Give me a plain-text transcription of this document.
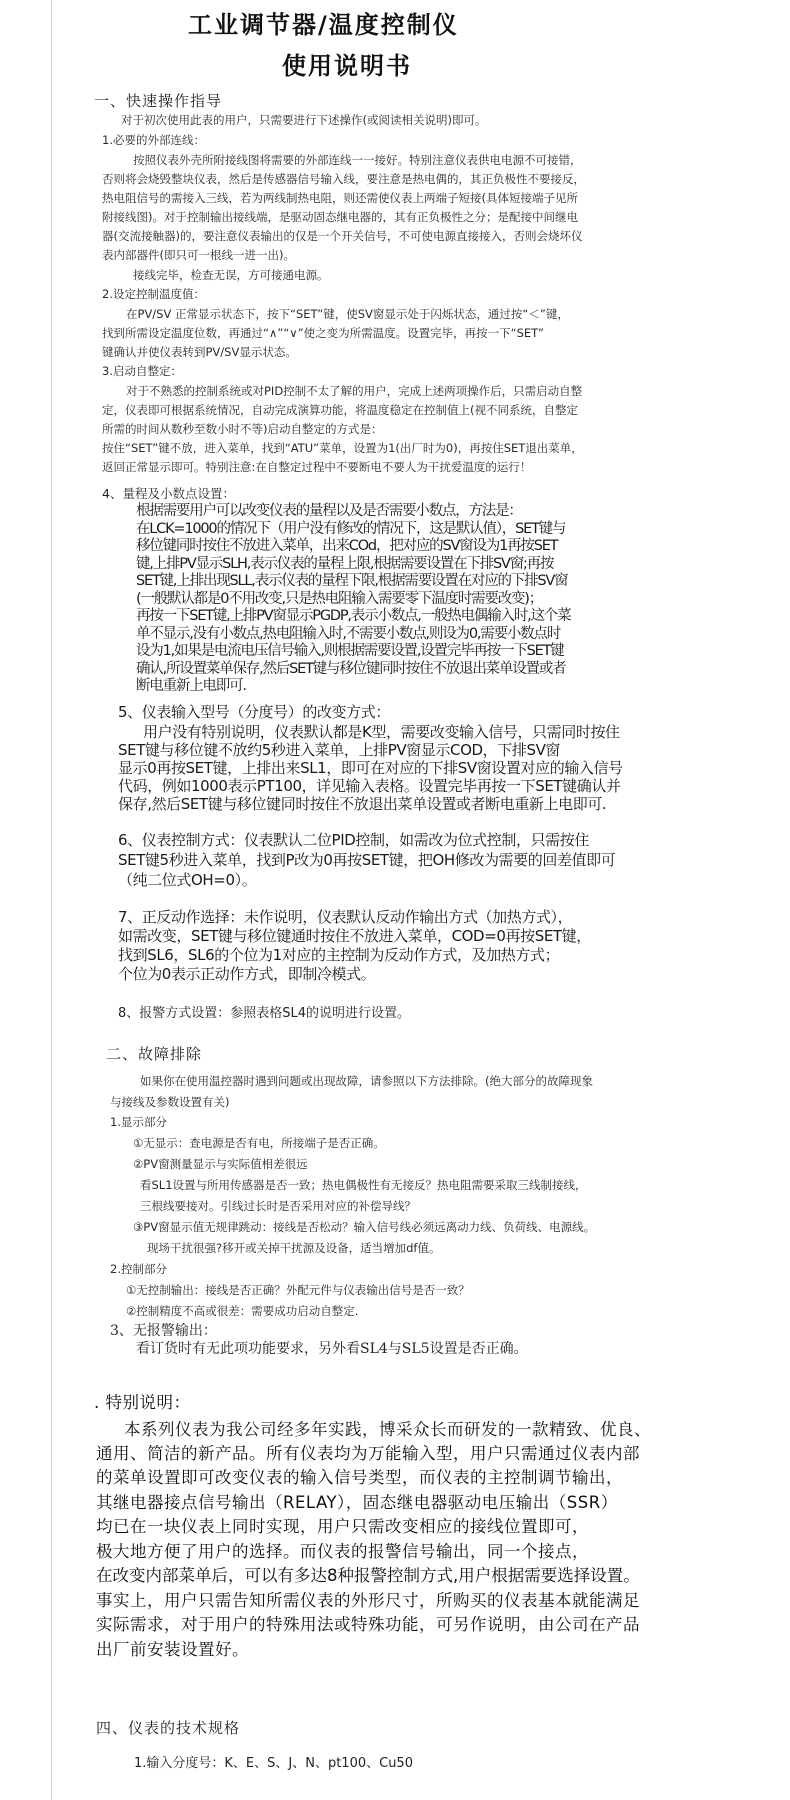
工业调节器/温度控制仪
使用说明书
一、快速操作指导
对于初次使用此表的用户，只需要进行下述操作(或阅读相关说明)即可。
1.必要的外部连线：
按照仪表外壳所附接线图将需要的外部连线一一接好。特别注意仪表供电电源不可接错，
否则将会烧毁整块仪表，然后是传感器信号输入线，要注意是热电偶的，其正负极性不要接反，
热电阻信号的需接入三线，若为两线制热电阻，则还需使仪表上两端子短接(具体短接端子见所
附接线图)。对于控制输出接线端，是驱动固态继电器的，其有正负极性之分；是配接中间继电
器(交流接触器)的，要注意仪表输出的仅是一个开关信号，不可使电源直接接入，否则会烧坏仪
表内部器件(即只可一根线一进一出)。
接线完毕，检查无误，方可接通电源。
2.设定控制温度值：
在PV/SV 正常显示状态下，按下“SET”键，使SV窗显示处于闪烁状态，通过按“＜”键，
找到所需设定温度位数，再通过“∧”“∨”使之变为所需温度。设置完毕，再按一下“SET”
键确认并使仪表转到PV/SV显示状态。
3.启动自整定：
对于不熟悉的控制系统或对PID控制不太了解的用户，完成上述两项操作后，只需启动自整
定，仪表即可根据系统情况，自动完成演算功能，将温度稳定在控制值上(视不同系统，自整定
所需的时间从数秒至数小时不等)启动自整定的方式是：
按住“SET”键不放，进入菜单，找到“ATU”菜单，设置为1(出厂时为0)，再按住SET退出菜单，
返回正常显示即可。特别注意:在自整定过程中不要断电不要人为干扰爱温度的运行！
4、量程及小数点设置：
根据需要用户可以改变仪表的量程以及是否需要小数点，方法是：
在LCK=1000的情况下（用户没有修改的情况下，这是默认值），SET键与
移位键同时按住不放进入菜单，出来COd，把对应的SV窗设为1再按SET
键,上排PV显示SLH,表示仪表的量程上限,根据需要设置在下排SV窗;再按
SET键,上排出现SLL,表示仪表的量程下限,根据需要设置在对应的下排SV窗
(一般默认都是0不用改变,只是热电阻输入需要零下温度时需要改变)；
再按一下SET键,上排PV窗显示PGDP,表示小数点,一般热电偶输入时,这个菜
单不显示,没有小数点,热电阻输入时,不需要小数点,则设为0,需要小数点时
设为1,如果是电流电压信号输入,则根据需要设置,设置完毕再按一下SET键
确认,所设置菜单保存,然后SET键与移位键同时按住不放退出菜单设置或者
断电重新上电即可.
5、仪表输入型号（分度号）的改变方式：
用户没有特别说明，仪表默认都是K型，需要改变输入信号，只需同时按住
SET键与移位键不放约5秒进入菜单，上排PV窗显示COD，下排SV窗
显示0再按SET键，上排出来SL1，即可在对应的下排SV窗设置对应的输入信号
代码，例如1000表示PT100，详见输入表格。设置完毕再按一下SET键确认并
保存,然后SET键与移位键同时按住不放退出菜单设置或者断电重新上电即可.
6、仪表控制方式：仪表默认二位PID控制，如需改为位式控制，只需按住
SET键5秒进入菜单，找到P改为0再按SET键，把OH修改为需要的回差值即可
（纯二位式OH=0）。
7、正反动作选择：未作说明，仪表默认反动作输出方式（加热方式），
如需改变，SET键与移位键通时按住不放进入菜单，COD=0再按SET键，
找到SL6，SL6的个位为1对应的主控制为反动作方式，及加热方式；
个位为0表示正动作方式，即制冷模式。
8、报警方式设置：参照表格SL4的说明进行设置。
二、故障排除
如果你在使用温控器时遇到问题或出现故障，请参照以下方法排除。(绝大部分的故障现象
与接线及参数设置有关)
1.显示部分
①无显示：查电源是否有电，所接端子是否正确。
②PV窗测量显示与实际值相差很远
看SL1设置与所用传感器是否一致；热电偶极性有无接反？热电阻需要采取三线制接线，
三根线要接对。引线过长时是否采用对应的补偿导线？
③PV窗显示值无规律跳动：接线是否松动？输入信号线必须远离动力线、负荷线、电源线。
现场干扰很强?移开或关掉干扰源及设备，适当增加df值。
2.控制部分
①无控制输出：接线是否正确？外配元件与仪表输出信号是否一致？
②控制精度不高或很差：需要成功启动自整定.
3、无报警输出：
看订货时有无此项功能要求，另外看SL4与SL5设置是否正确。
. 特别说明：
本系列仪表为我公司经多年实践，博采众长而研发的一款精致、优良、
通用、简洁的新产品。所有仪表均为万能输入型，用户只需通过仪表内部
的菜单设置即可改变仪表的输入信号类型，而仪表的主控制调节输出，
其继电器接点信号输出（RELAY），固态继电器驱动电压输出（SSR）
均已在一块仪表上同时实现，用户只需改变相应的接线位置即可，
极大地方便了用户的选择。而仪表的报警信号输出，同一个接点，
在改变内部菜单后，可以有多达8种报警控制方式,用户根据需要选择设置。
事实上，用户只需告知所需仪表的外形尺寸，所购买的仪表基本就能满足
实际需求，对于用户的特殊用法或特殊功能，可另作说明，由公司在产品
出厂前安装设置好。
四、仪表的技术规格
1.输入分度号：K、E、S、J、N、pt100、Cu50
